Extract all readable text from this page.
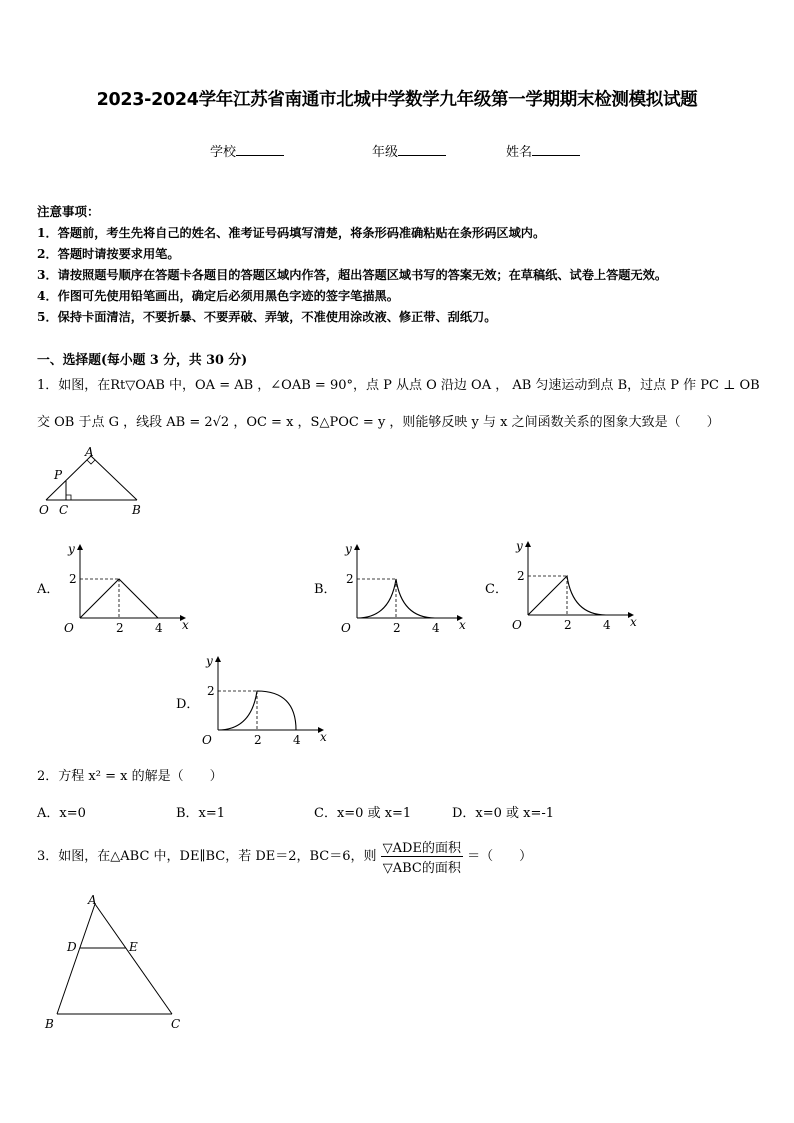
2023-2024学年江苏省南通市北城中学数学九年级第一学期期末检测模拟试题
学校	年级	姓名
注意事项：
1．答题前，考生先将自己的姓名、准考证号码填写清楚，将条形码准确粘贴在条形码区域内。
2．答题时请按要求用笔。
3．请按照题号顺序在答题卡各题目的答题区域内作答，超出答题区域书写的答案无效；在草稿纸、试卷上答题无效。
4．作图可先使用铅笔画出，确定后必须用黑色字迹的签字笔描黑。
5．保持卡面清洁，不要折暴、不要弄破、弄皱，不准使用涂改液、修正带、刮纸刀。
一、选择题(每小题 3 分，共 30 分)
1．如图，在Rt▽OAB 中，OA = AB ，∠OAB = 90°，点 P 从点 O 沿边 OA ， AB 匀速运动到点 B，过点 P 作 PC ⊥ OB
交 OB 于点 G ，线段 AB = 2√2 ，OC = x ，S△POC = y ，则能够反映 y 与 x 之间函数关系的图象大致是（　　）
A
P
O C	B
A．
y
x
O
2
2	4
B．
y
x
O
2
2	4
C．
y
x
O
2
2	4
D．
y
x
O
2
2	4
2．方程 x² = x 的解是（　　）
A．x=0	B．x=1	C．x=0 或 x=1	D．x=0 或 x=-1
3．如图，在△ABC 中，DE∥BC，若 DE＝2，BC＝6，则 $\frac{\text{▽ADE的面积}}{\text{▽ABC的面积}}$ ＝（　　）
A
D	E
B	C
